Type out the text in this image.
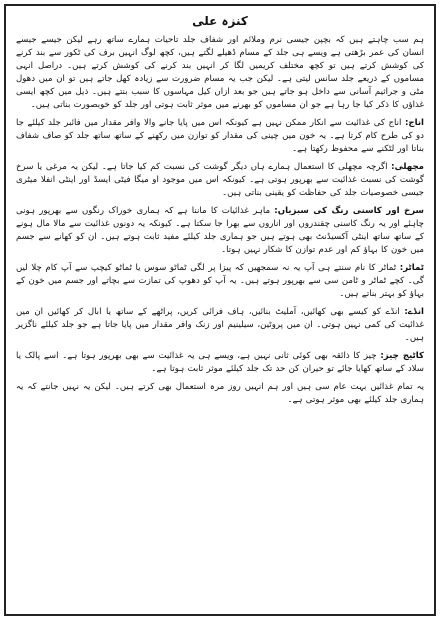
کنزہ علی

ہم سب چاہتے ہیں کہ بچپن جیسی نرم وملائم اور شفاف جلد تاحیات ہمارے ساتھ رہے لیکن جیسے جیسے انسان کی عمر بڑھتی ہے ویسے ہی جلد کے مسام ڈھیلے لگتے ہیں، کچھ لوگ انہیں برف کی ٹکور سے بند کرنے کی کوشش کرتے ہیں تو کچھ مختلف کریمیں لگا کر انہیں بند کرنے کی کوشش کرتے ہیں۔ دراصل انہی مساموں کے ذریعے جلد سانس لیتی ہے۔ لیکن جب یہ مسام ضرورت سے زیادہ کھل جاتے ہیں تو ان میں دھول مٹی و جراثیم آسانی سے داخل ہو جاتے ہیں جو بعد ازاں کیل مہاسوں کا سبب بنتے ہیں۔ ذیل میں کچھ ایسی غذاؤں کا ذکر کیا جا رہا ہے جو ان مساموں کو بھرنے میں موثر ثابت ہوتی اور جلد کو خوبصورت بناتی ہیں۔

اناج: اناج کی غذائیت سے انکار ممکن نہیں ہے کیونکہ اس میں پایا جانے والا وافر مقدار میں فائبر جلد کیلئے جا دو کی طرح کام کرتا ہے۔ یہ خون میں چینی کی مقدار کو توازن میں رکھنے کے ساتھ ساتھ جلد کو صاف شفاف بناتا اور لٹکنے سے محفوظ رکھتا ہے۔

مچھلی: اگرچہ مچھلی کا استعمال ہمارے ہاں دیگر گوشت کی نسبت کم کیا جاتا ہے۔ لیکن یہ مرغی یا سرخ گوشت کی نسبت غذائیت سے بھرپور ہوتی ہے۔ کیونکہ اس میں موجود او میگا فیٹی ایسڈ اور اینٹی انفلا میٹری جیسی خصوصیات جلد کی حفاظت کو یقینی بناتی ہیں۔

سرخ اور کاسنی رنگ کی سبزیاں: ماہر غذائیات کا ماننا ہے کہ ہماری خوراک رنگوں سے بھرپور ہونی چاہئے اور یہ رنگ کاسنی چقندروں اور اناروں سے بھرا جا سکتا ہے۔ کیونکہ یہ دونوں غذائیت سے مالا مال ہونے کے ساتھ ساتھ اینٹی آکسیڈنٹ بھی ہوتے ہیں جو ہماری جلد کیلئے مفید ثابت ہوتے ہیں۔ ان کو کھانے سے جسم میں خون کا بہاؤ کم اور عدم توازن کا شکار نہیں ہوتا۔

ٹماٹر: ٹماٹر کا نام سنتے ہی آپ یہ نہ سمجھیں کہ پیزا پر لگی ٹماٹو سوس یا ٹماٹو کیچپ سے آپ کام چلا لیں گی۔ کچے ٹماٹر و ٹامن سی سے بھرپور ہوتے ہیں۔ یہ آپ کو دھوپ کی تمازت سے بچاتے اور جسم میں خون کے بہاؤ کو بہتر بناتے ہیں۔

انڈے: انڈے کو کیسے بھی کھائیں، آملیٹ بنائیں، ہاف فرائی کریں، پراٹھے کے ساتھ یا ابال کر کھائیں ان میں غذائیت کی کمی نہیں ہوتی۔ ان میں پروٹین، سیلینیم اور زنک وافر مقدار میں پایا جاتا ہے جو جلد کیلئے ناگزیر ہیں۔

کاٹیج چیز: چیز کا ذائقہ بھی کوئی ثانی نہیں ہے، ویسے ہی یہ غذائیت سے بھی بھرپور ہوتا ہے۔ اسے پالک یا سلاد کے ساتھ کھایا جائے تو حیران کن حد تک جلد کیلئے موثر ثابت ہوتا ہے۔

یہ تمام غذائیں بہت عام سی ہیں اور ہم انہیں روز مرہ استعمال بھی کرتے ہیں۔ لیکن یہ نہیں جانتے کہ یہ ہماری جلد کیلئے بھی موثر ہوتی ہے۔
